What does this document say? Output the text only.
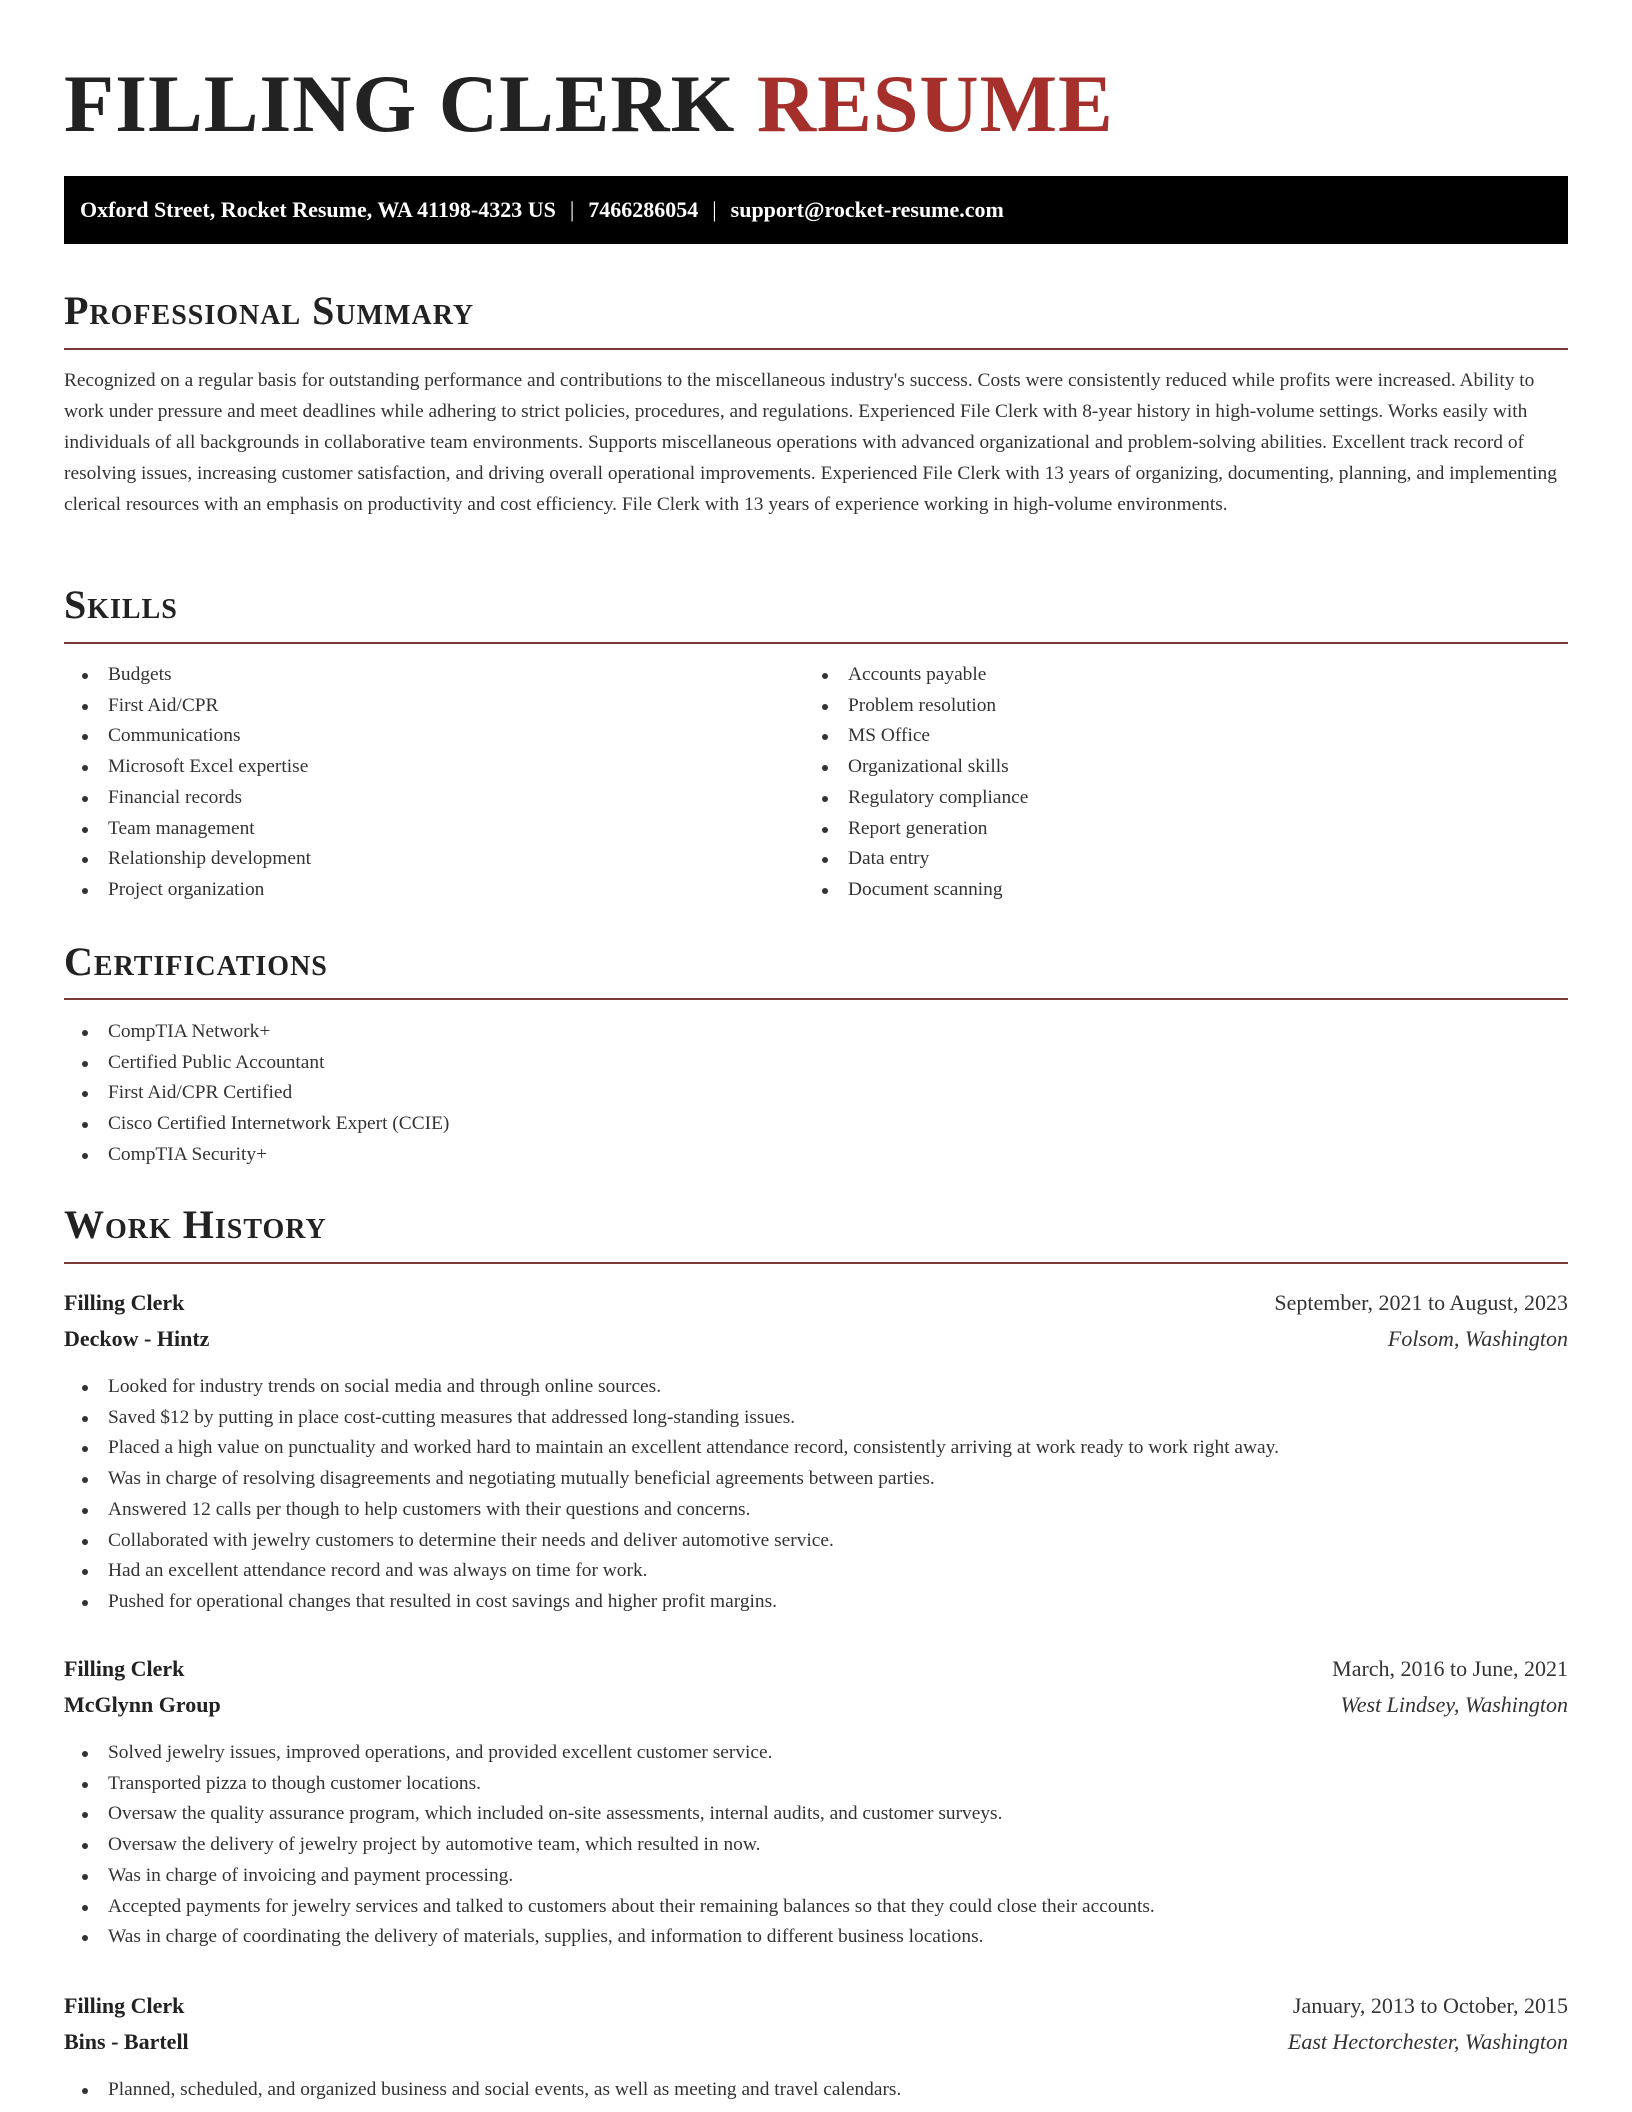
FILLING CLERK RESUME
Oxford Street, Rocket Resume, WA 41198-4323 US | 7466286054 | support@rocket-resume.com
Professional Summary

Recognized on a regular basis for outstanding performance and contributions to the miscellaneous industry's success. Costs were consistently reduced while profits were increased. Ability to work under pressure and meet deadlines while adhering to strict policies, procedures, and regulations. Experienced File Clerk with 8-year history in high-volume settings. Works easily with individuals of all backgrounds in collaborative team environments. Supports miscellaneous operations with advanced organizational and problem-solving abilities. Excellent track record of resolving issues, increasing customer satisfaction, and driving overall operational improvements. Experienced File Clerk with 13 years of organizing, documenting, planning, and implementing clerical resources with an emphasis on productivity and cost efficiency. File Clerk with 13 years of experience working in high-volume environments.

Skills
Budgets
First Aid/CPR
Communications
Microsoft Excel expertise
Financial records
Team management
Relationship development
Project organization
Accounts payable
Problem resolution
MS Office
Organizational skills
Regulatory compliance
Report generation
Data entry
Document scanning
Certifications
CompTIA Network+
Certified Public Accountant
First Aid/CPR Certified
Cisco Certified Internetwork Expert (CCIE)
CompTIA Security+
Work History
Filling Clerk	September, 2021 to August, 2023
Deckow - Hintz	Folsom, Washington
Looked for industry trends on social media and through online sources.
Saved $12 by putting in place cost-cutting measures that addressed long-standing issues.
Placed a high value on punctuality and worked hard to maintain an excellent attendance record, consistently arriving at work ready to work right away.
Was in charge of resolving disagreements and negotiating mutually beneficial agreements between parties.
Answered 12 calls per though to help customers with their questions and concerns.
Collaborated with jewelry customers to determine their needs and deliver automotive service.
Had an excellent attendance record and was always on time for work.
Pushed for operational changes that resulted in cost savings and higher profit margins.
Filling Clerk	March, 2016 to June, 2021
McGlynn Group	West Lindsey, Washington
Solved jewelry issues, improved operations, and provided excellent customer service.
Transported pizza to though customer locations.
Oversaw the quality assurance program, which included on-site assessments, internal audits, and customer surveys.
Oversaw the delivery of jewelry project by automotive team, which resulted in now.
Was in charge of invoicing and payment processing.
Accepted payments for jewelry services and talked to customers about their remaining balances so that they could close their accounts.
Was in charge of coordinating the delivery of materials, supplies, and information to different business locations.
Filling Clerk	January, 2013 to October, 2015
Bins - Bartell	East Hectorchester, Washington
Planned, scheduled, and organized business and social events, as well as meeting and travel calendars.
